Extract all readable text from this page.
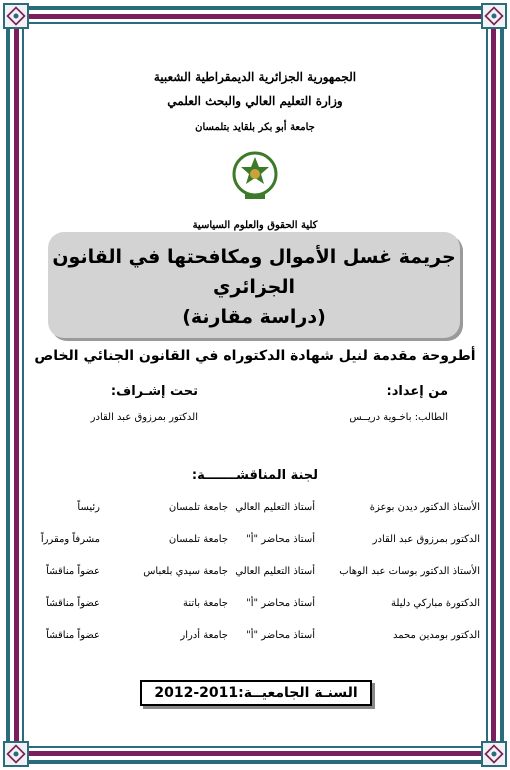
الجمهورية الجزائرية الديمقراطية الشعبية
وزارة التعليم العالي والبحث العلمي
جامعة أبو بكر بلقايد بتلمسان
كلية الحقوق والعلوم السياسية
جريمة غسل الأموال ومكافحتها في القانون الجزائري
(دراسة مقارنة)
أطروحة مقدمة لنيل شهادة الدكتوراه في القانون الجنائي الخاص
من إعداد:
الطالب: باخـوية دريــس
تحت إشـراف:
الدكتور بمرزوق عبد القادر
لجنة المناقشـــــــة:
الأستاذ الدكتور ديدن بوعزة
أستاذ التعليم العالي
جامعة تلمسان
رئيساً
الدكتور بمرزوق عبد القادر
أستاذ محاضر "أ"
جامعة تلمسان
مشرفاً ومقرراً
الأستاذ الدكتور بوسات عبد الوهاب
أستاذ التعليم العالي
جامعة سيدي بلعباس
عضواً مناقشاً
الدكتورة مباركي دليلة
أستاذ محاضر "أ"
جامعة باتنة
عضواً مناقشاً
الدكتور بومدين محمد
أستاذ محاضر "أ"
جامعة أدرار
عضواً مناقشاً
السنـة الجامعيــة:2011-2012
